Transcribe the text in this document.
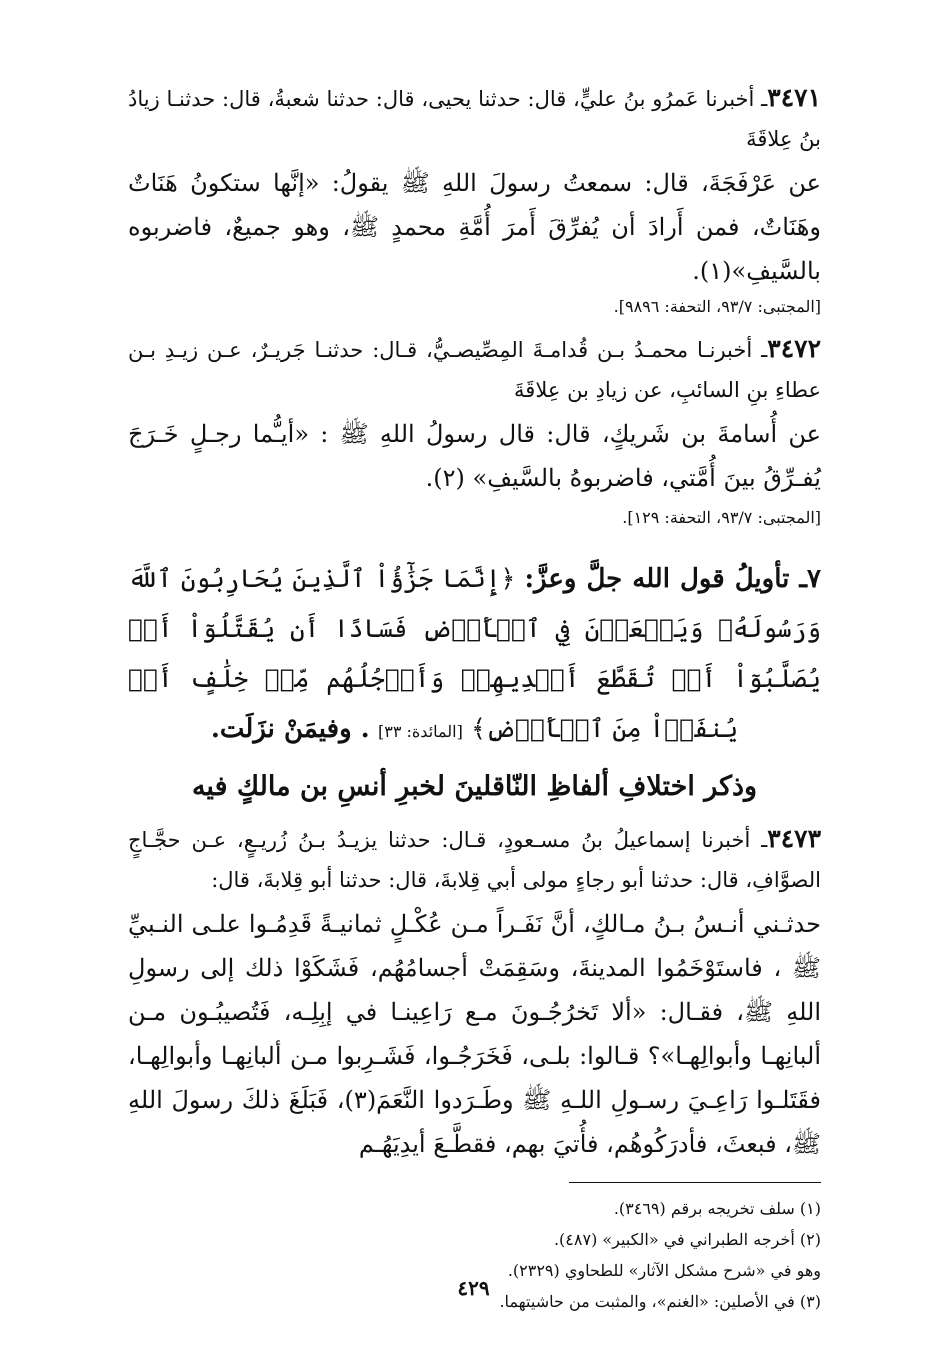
٣٤٧١ـ أخبرنا عَمرُو بنُ عليٍّ، قال: حدثنا يحيى، قال: حدثنا شعبةُ، قال: حدثنـا زيادُ بنُ عِلاقَةَ

عن عَرْفَجَةَ، قال: سمعتُ رسولَ اللهِ ﷺ يقولُ: «إنَّها ستكونُ هَنَاتٌ وهَنَاتٌ، فمن أَرادَ أن يُفرِّقَ أَمرَ أُمَّةِ محمدٍ ﷺ، وهو جميعٌ، فاضربوه بالسَّيفِ»(١).

[المجتبى: ٩٣/٧، التحفة: ٩٨٩٦].

٣٤٧٢ـ أخبرنـا محمـدُ بـن قُدامـةَ المِصِّيصـيُّ، قـال: حدثنـا جَريـرٌ، عـن زيـدِ بـن عطاءِ بنِ السائبِ، عن زيادِ بن عِلاقَةَ

عن أُسامةَ بن شَريكٍ، قال: قال رسولُ اللهِ ﷺ : «أيـُّما رجـلٍ خَـرَجَ يُفـرِّقُ بينَ أُمَّتي، فاضربوهُ بالسَّيفِ» (٢).

[المجتبى: ٩٣/٧، التحفة: ١٢٩].

٧ـ تأويلُ قول الله جلَّ وعزَّ: ﴿إِنَّمَا جَزَٰٓؤُاْ ٱلَّذِينَ يُحَارِبُونَ ٱللَّهَ وَرَسُولَهُۥ وَيَسۡعَوۡنَ فِي ٱلۡأَرۡضِ فَسَادًا أَن يُقَتَّلُوٓاْ أَوۡ يُصَلَّبُوٓاْ أَوۡ تُقَطَّعَ أَيۡدِيهِمۡ وَأَرۡجُلُهُم مِّنۡ خِلَٰفٍ أَوۡ يُنفَوۡاْ مِنَ ٱلۡأَرۡضِ﴾ [المائدة: ٣٣] . وفيمَنْ نزَلَت.

وذكر اختلافِ ألفاظِ النّاقلينَ لخبرِ أنسِ بن مالكٍ فيه

٣٤٧٣ـ أخبرنا إسماعيلُ بنُ مسـعودٍ، قـال: حدثنا يزيـدُ بـنُ زُريـعٍ، عـن حجَّـاجٍ الصوَّافِ، قال: حدثنا أبو رجاءٍ مولى أبي قِلابةَ، قال: حدثنا أبو قِلابةَ، قال:

حدثـني أنـسُ بـنُ مـالكٍ، أنَّ نَفَـراً مـن عُكْـلٍ ثمانيـةً قَدِمُـوا علـى النـبيِّ ﷺ ، فاستَوْخَمُوا المدينةَ، وسَقِمَتْ أجسامُهُم، فَشَكَوْا ذلك إلى رسولِ اللهِ ﷺ، فقـال: «ألا تَخرُجُـونَ مـع رَاعِينـا في إبِلِـه، فَتُصيبُـون مـن ألبانِهـا وأبوالِهـا»؟ قـالوا: بلـى، فَخَرَجُـوا، فَشَـرِبوا مـن ألبانِهـا وأبوالِهـا، فقَتَلـوا رَاعِـيَ رسـولِ اللـهِ ﷺ وطَـرَدوا النَّعَمَ(٣)، فَبَلَغَ ذلكَ رسولَ اللهِ ﷺ، فبعثَ، فأدرَكُوهُم، فأُتيَ بهم، فقطَّـعَ أيدِيَهُـم

(١) سلف تخريجه برقم (٣٤٦٩).

(٢) أخرجه الطبراني في «الكبير» (٤٨٧).

وهو في «شرح مشكل الآثار» للطحاوي (٢٣٢٩).

(٣) في الأصلين: «الغنم»، والمثبت من حاشيتهما.

٤٢٩
